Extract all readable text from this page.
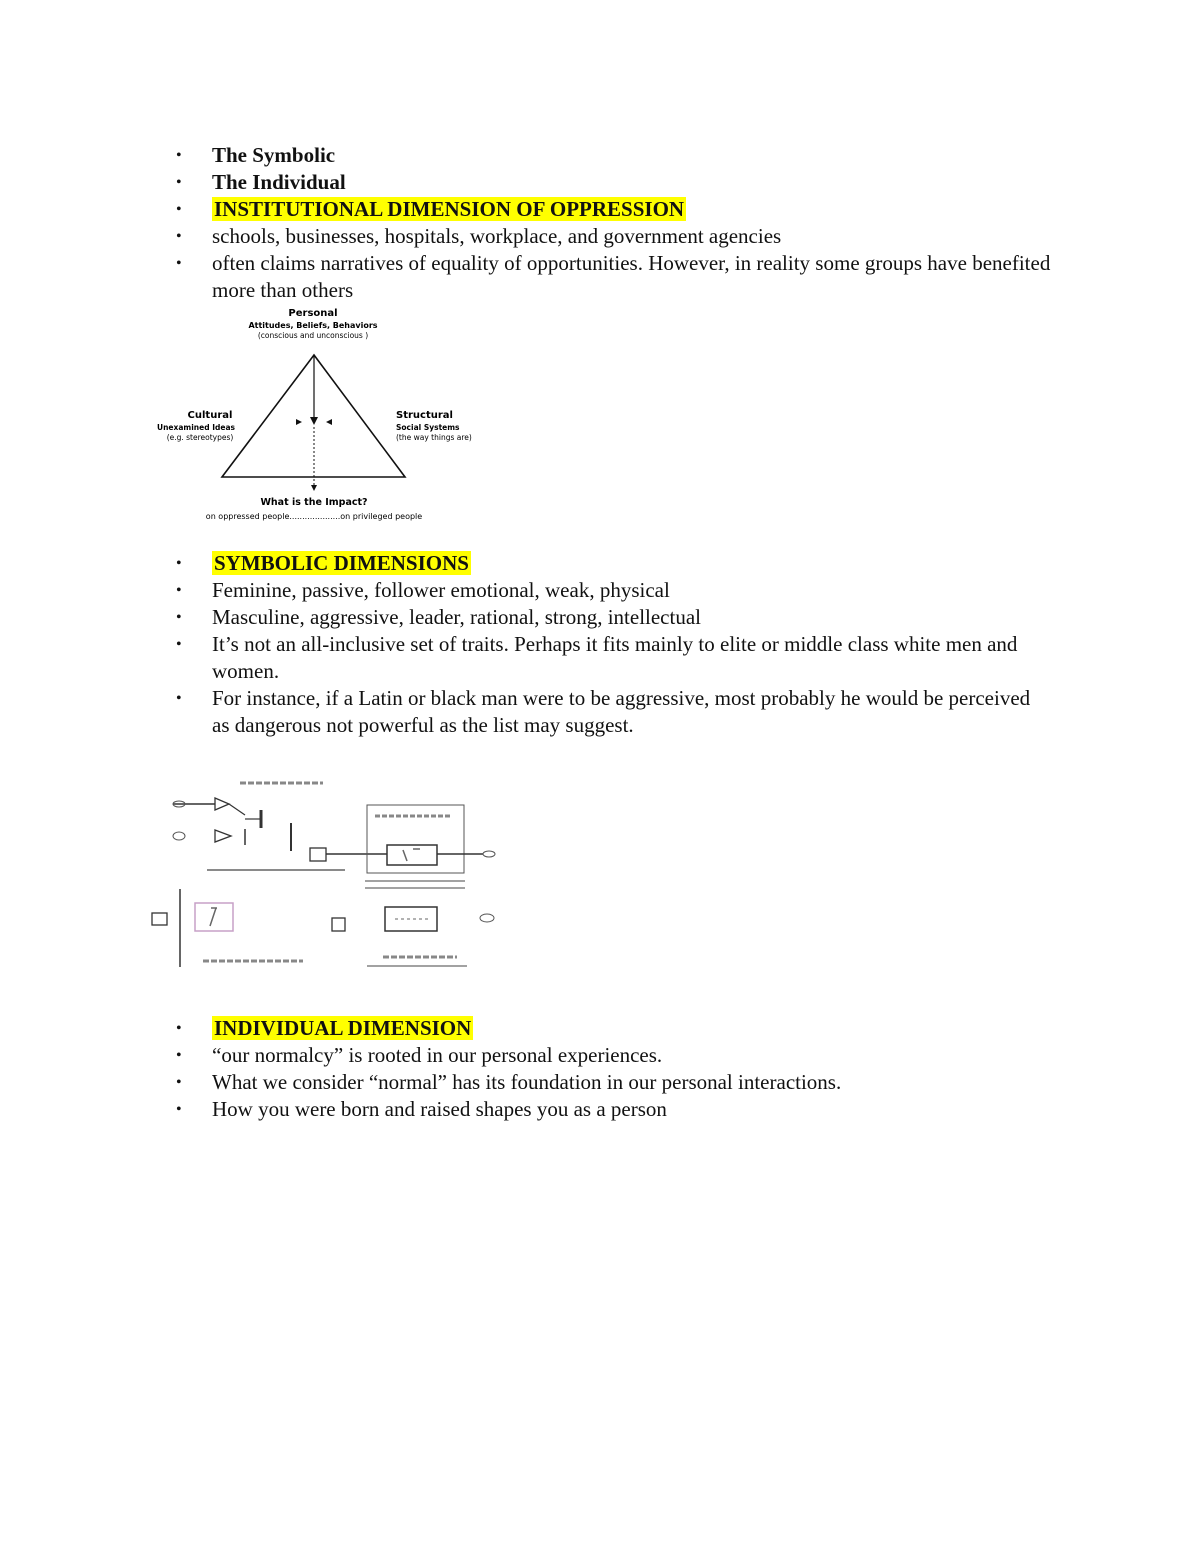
• The Symbolic
• The Individual
• INSTITUTIONAL DIMENSION OF OPPRESSION
• schools, businesses, hospitals, workplace, and government agencies
• often claims narratives of equality of opportunities. However, in reality some groups have benefited more than others
Personal
Attitudes, Beliefs, Behaviors
(conscious and unconscious )
Cultural
Unexamined Ideas
(e.g. stereotypes)
Structural
Social Systems
(the way things are)
What is the Impact?
on oppressed people....................on privileged people
• SYMBOLIC DIMENSIONS
• Feminine, passive, follower emotional, weak, physical
• Masculine, aggressive, leader, rational, strong, intellectual
• It’s not an all-inclusive set of traits. Perhaps it fits mainly to elite or middle class white men and women.
• For instance, if a Latin or black man were to be aggressive, most probably he would be perceived as dangerous not powerful as the list may suggest.
• INDIVIDUAL DIMENSION
• “our normalcy” is rooted in our personal experiences.
• What we consider “normal” has its foundation in our personal interactions.
• How you were born and raised shapes you as a person
